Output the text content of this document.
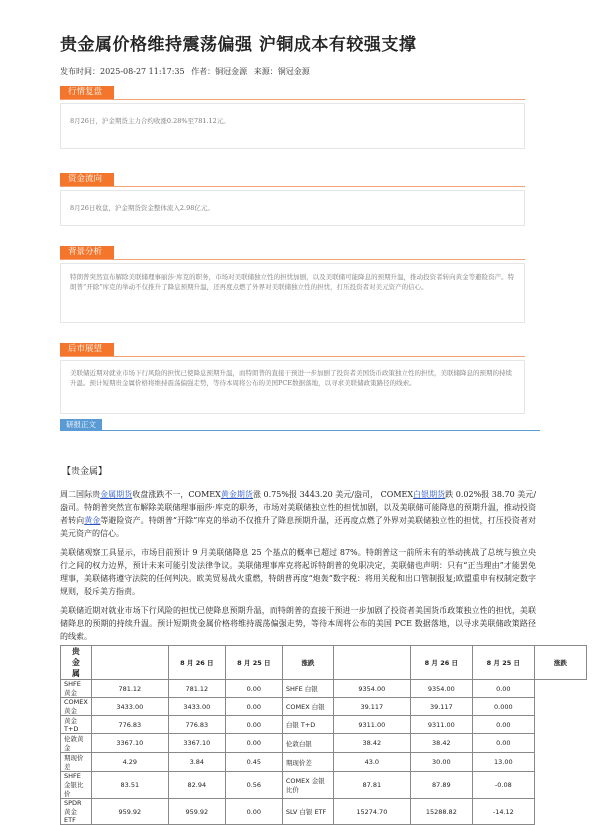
贵金属价格维持震荡偏强 沪铜成本有较强支撑
发布时间：2025-08-27 11:17:35 作者：铜冠金源 来源：铜冠金源
行情复盘
8月26日，沪金期货主力合约收涨0.28%至781.12元。
资金流向
8月26日收盘，沪金期货资金整体流入2.98亿元。
背景分析
特朗普突然宣布解除美联储理事丽莎·库克的职务，市场对美联储独立性的担忧加剧，以及美联储可能降息的预期升温，推动投资者转向黄金等避险资产。特朗普“开除”库克的举动不仅推升了降息预期升温，还再度点燃了外界对美联储独立性的担忧，打压投资者对美元资产的信心。
后市展望
美联储近期对就业市场下行风险的担忧已使降息预期升温，而特朗普的直接干预进一步加剧了投资者美国货币政策独立性的担忧，美联储降息的预期的持续升温。预计短期贵金属价格将维持震荡偏强走势，等待本周将公布的美国PCE数据落地，以寻求美联储政策路径的线索。
研报正文
【贵金属】
周二国际贵金属期货收盘涨跌不一，COMEX黄金期货涨 0.75%报 3443.20 美元/盎司， COMEX白银期货跌 0.02%报 38.70 美元/盎司。特朗普突然宣布解除美联储理事丽莎·库克的职务，市场对美联储独立性的担忧加剧，以及美联储可能降息的预期升温，推动投资者转向黄金等避险资产。特朗普“开除”库克的举动不仅推升了降息预期升温，还再度点燃了外界对美联储独立性的担忧，打压投资者对美元资产的信心。
美联储观察工具显示，市场目前预计 9 月美联储降息 25 个基点的概率已超过 87%。特朗普这一前所未有的举动挑战了总统与独立央行之间的权力边界，预计未来可能引发法律争议。美联储理事库克将起诉特朗普的免职决定，美联储也声明：只有“正当理由”才能罢免理事，美联储将遵守法院的任何判决。欧美贸易战火重燃，特朗普再度“炮轰”数字税：将用关税和出口管制报复;欧盟重申有权制定数字规则，驳斥美方指责。
美联储近期对就业市场下行风险的担忧已使降息预期升温，而特朗普的直接干预进一步加剧了投资者美国货币政策独立性的担忧，美联储降息的预期的持续升温。预计短期贵金属价格将维持震荡偏强走势，等待本周将公布的美国 PCE 数据落地，以寻求美联储政策路径的线索。
贵金属		8 月 26 日	8 月 25 日	涨跌		8 月 26 日	8 月 25 日	涨跌
SHFE 黄金	781.12	781.12	0.00	SHFE 白银	9354.00	9354.00	0.00	
COMEX 黄金	3433.00	3433.00	0.00	COMEX 白银	39.117	39.117	0.000	
黄金 T+D	776.83	776.83	0.00	白银 T+D	9311.00	9311.00	0.00	
伦敦黄金	3367.10	3367.10	0.00	伦敦白银	38.42	38.42	0.00	
期现价差	4.29	3.84	0.45	期现价差	43.0	30.00	13.00	
SHFE 金银比价	83.51	82.94	0.56	COMEX 金银比价	87.81	87.89	-0.08	
SPDR 黄金 ETF	959.92	959.92	0.00	SLV 白银 ETF	15274.70	15288.82	-14.12	
